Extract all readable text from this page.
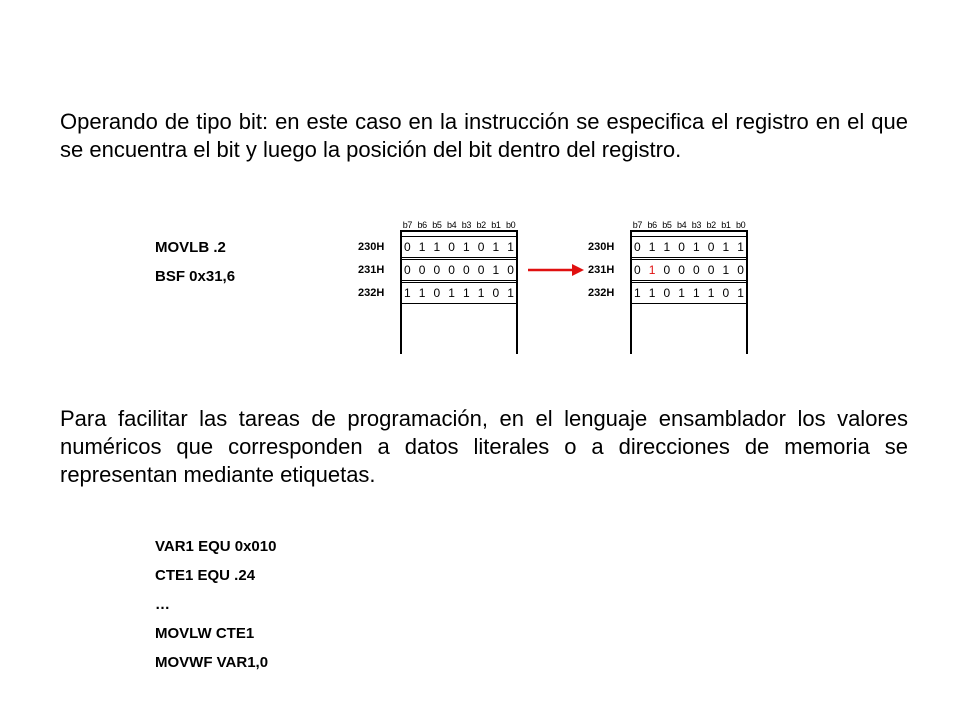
Operando de tipo bit: en este caso en la instrucción se especifica el registro en el que se encuentra el bit y luego la posición del bit dentro del registro.

MOVLB .2
BSF 0x31,6
b7 b6 b5 b4 b3 b2 b1 b0
230H	0 1 1 0 1 0 1 1
231H	0 0 0 0 0 0 1 0
232H	1 1 0 1 1 1 0 1
b7 b6 b5 b4 b3 b2 b1 b0
230H	0 1 1 0 1 0 1 1
231H	0 1 0 0 0 0 1 0
232H	1 1 0 1 1 1 0 1

Para facilitar las tareas de programación, en el lenguaje ensamblador los valores numéricos que corresponden a datos literales o a direcciones de memoria se representan mediante etiquetas.

VAR1 EQU 0x010
CTE1 EQU .24
…
MOVLW CTE1
MOVWF VAR1,0
